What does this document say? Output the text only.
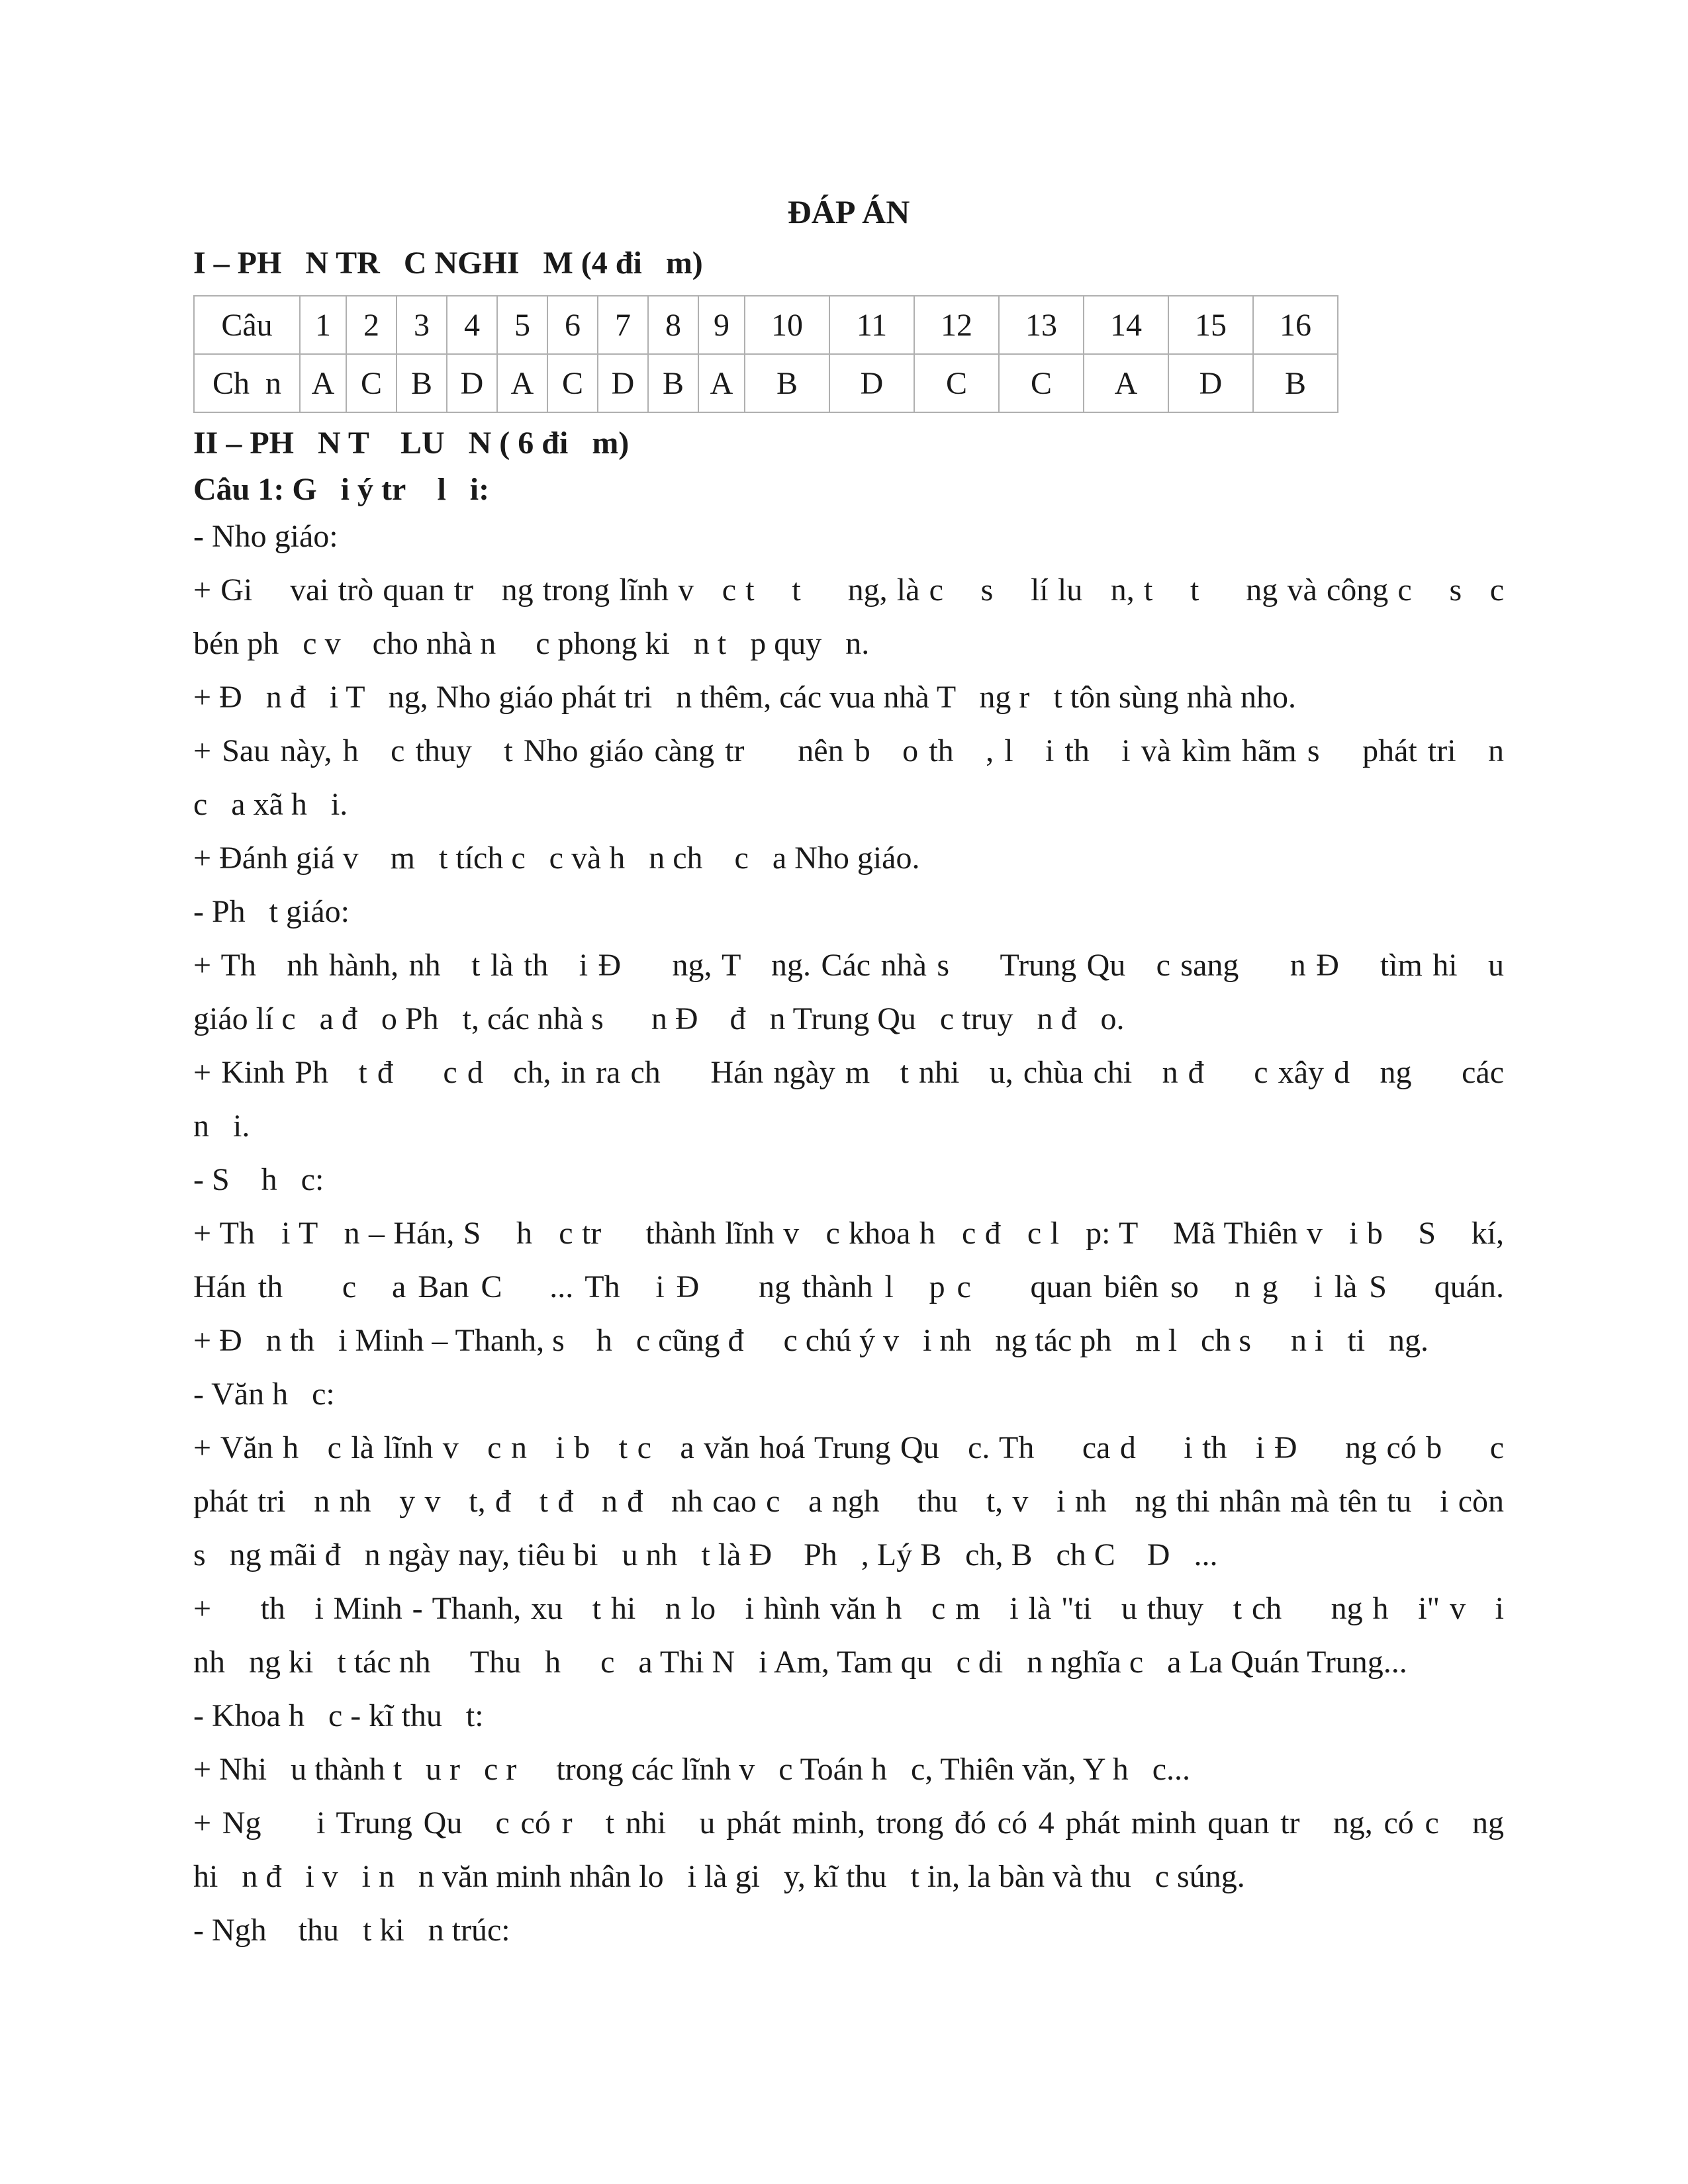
ĐÁP ÁN
I – PH   N TR   C NGHI   M (4 đi   m)
Câu	1	2	3	4	5	6	7	8	9	10	11	12	13	14	15	16
Ch  n	A	C	B	D	A	C	D	B	A	B	D	C	C	A	D	B
II – PH   N T    LU   N ( 6 đi   m)
Câu 1: G   i ý tr    l   i:
- Nho giáo:
+ Gi    vai trò quan tr   ng trong lĩnh v   c t    t     ng, là c    s    lí lu   n, t    t     ng và công c    s   c
bén ph   c v    cho nhà n     c phong ki   n t   p quy   n.
+ Đ   n đ   i T   ng, Nho giáo phát tri   n thêm, các vua nhà T   ng r   t tôn sùng nhà nho.
+ Sau này, h   c thuy   t Nho giáo càng tr     nên b   o th   , l   i th   i và kìm hãm s    phát tri   n
c   a xã h   i.
+ Đánh giá v    m   t tích c   c và h   n ch    c   a Nho giáo.
- Ph   t giáo:
+ Th   nh hành, nh   t là th   i Đ     ng, T   ng. Các nhà s     Trung Qu   c sang     n Đ    tìm hi   u
giáo lí c   a đ   o Ph   t, các nhà s      n Đ    đ   n Trung Qu   c truy   n đ   o.
+ Kinh Ph   t đ     c d   ch, in ra ch     Hán ngày m   t nhi   u, chùa chi   n đ     c xây d   ng     các
n   i.
- S    h   c:
+ Th   i T   n – Hán, S    h   c tr     thành lĩnh v   c khoa h   c đ   c l   p: T    Mã Thiên v   i b    S    kí,
Hán th     c   a Ban C    ... Th   i Đ     ng thành l   p c     quan biên so   n g   i là S    quán.
+ Đ   n th   i Minh – Thanh, s    h   c cũng đ     c chú ý v   i nh   ng tác ph   m l   ch s     n i   ti   ng.
- Văn h   c:
+ Văn h   c là lĩnh v   c n   i b   t c   a văn hoá Trung Qu   c. Th     ca d     i th   i Đ     ng có b     c
phát tri   n nh   y v   t, đ   t đ   n đ   nh cao c   a ngh    thu   t, v   i nh   ng thi nhân mà tên tu   i còn
s   ng mãi đ   n ngày nay, tiêu bi   u nh   t là Đ    Ph   , Lý B   ch, B   ch C    D   ...
+     th   i Minh - Thanh, xu   t hi   n lo   i hình văn h   c m   i là "ti   u thuy   t ch     ng h   i" v   i
nh   ng ki   t tác nh     Thu   h     c   a Thi N   i Am, Tam qu   c di   n nghĩa c   a La Quán Trung...
- Khoa h   c - kĩ thu   t:
+ Nhi   u thành t   u r   c r     trong các lĩnh v   c Toán h   c, Thiên văn, Y h   c...
+ Ng     i Trung Qu   c có r   t nhi   u phát minh, trong đó có 4 phát minh quan tr   ng, có c   ng
hi   n đ   i v   i n   n văn minh nhân lo   i là gi   y, kĩ thu   t in, la bàn và thu   c súng.
- Ngh    thu   t ki   n trúc:
